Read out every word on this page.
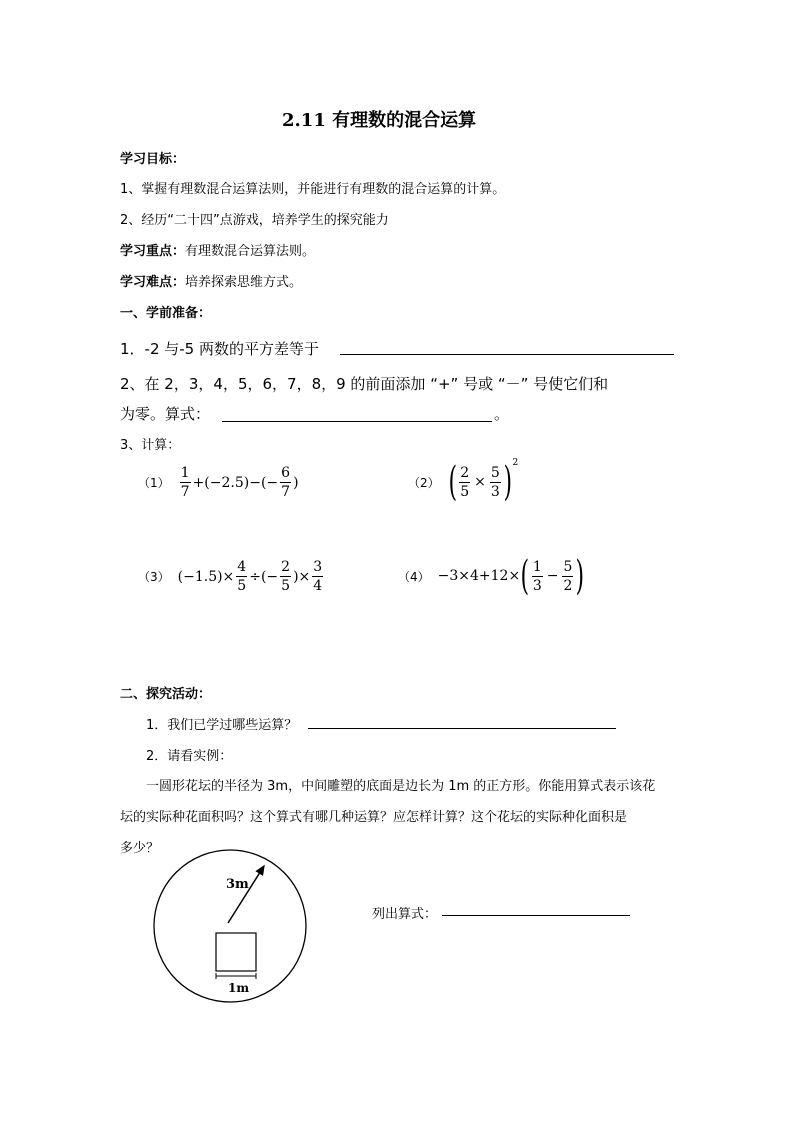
2.11 有理数的混合运算
学习目标：
1、掌握有理数混合运算法则，并能进行有理数的混合运算的计算。
2、经历“二十四”点游戏，培养学生的探究能力
学习重点：有理数混合运算法则。
学习难点：培养探索思维方式。
一、学前准备：
1．-2 与-5 两数的平方差等于
2、在 2，3，4，5，6，7，8，9 的前面添加 “+” 号或 “－” 号使它们和
为零。算式：	。
3、计算：
$(1) \frac{1}{7} +(-2.5)-(- \frac{6}{7}$ )	（2） ( $\frac{2}{5} \times \frac{5}{3}$ ) 2
（3） $(-1.5)\times \frac{4}{5}$ ÷(− $\frac{2}{5}$ )× $\frac{3}{4}$	（4） −3×4+12× ( $\frac{1}{3} - \frac{5}{2}$ )
二、探究活动：
1．我们已学过哪些运算？
2．请看实例：
一圆形花坛的半径为 3m，中间雕塑的底面是边长为 1m 的正方形。你能用算式表示该花
坛的实际种花面积吗？这个算式有哪几种运算？应怎样计算？这个花坛的实际种化面积是
多少？
3m
1m
列出算式：
